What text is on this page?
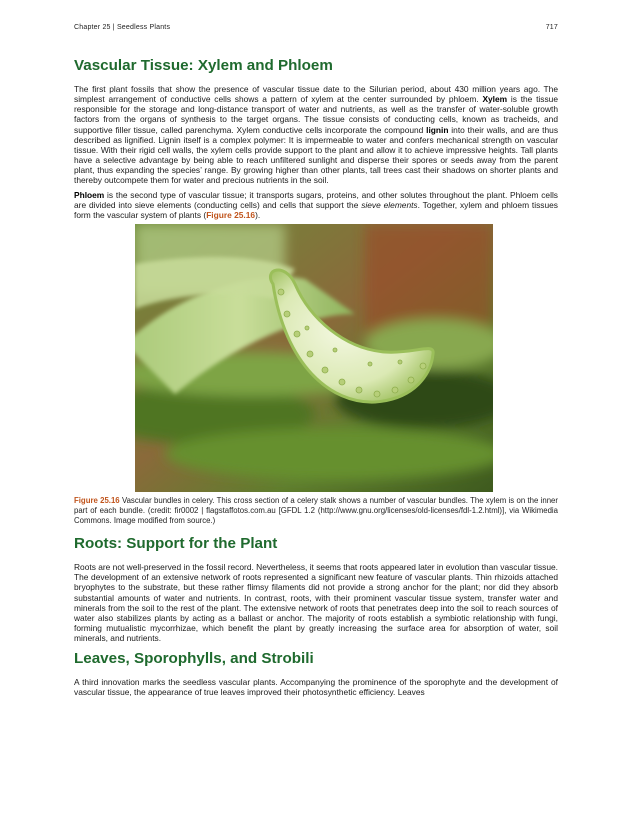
Chapter 25 | Seedless Plants	717
Vascular Tissue: Xylem and Phloem

The first plant fossils that show the presence of vascular tissue date to the Silurian period, about 430 million years ago. The simplest arrangement of conductive cells shows a pattern of xylem at the center surrounded by phloem. Xylem is the tissue responsible for the storage and long-distance transport of water and nutrients, as well as the transfer of water-soluble growth factors from the organs of synthesis to the target organs. The tissue consists of conducting cells, known as tracheids, and supportive filler tissue, called parenchyma. Xylem conductive cells incorporate the compound lignin into their walls, and are thus described as lignified. Lignin itself is a complex polymer: It is impermeable to water and confers mechanical strength on vascular tissue. With their rigid cell walls, the xylem cells provide support to the plant and allow it to achieve impressive heights. Tall plants have a selective advantage by being able to reach unfiltered sunlight and disperse their spores or seeds away from the parent plant, thus expanding the species’ range. By growing higher than other plants, tall trees cast their shadows on shorter plants and thereby outcompete them for water and precious nutrients in the soil.

Phloem is the second type of vascular tissue; it transports sugars, proteins, and other solutes throughout the plant. Phloem cells are divided into sieve elements (conducting cells) and cells that support the sieve elements. Together, xylem and phloem tissues form the vascular system of plants (Figure 25.16).

Figure 25.16 Vascular bundles in celery. This cross section of a celery stalk shows a number of vascular bundles. The xylem is on the inner part of each bundle. (credit: fir0002 | flagstaffotos.com.au [GFDL 1.2 (http://www.gnu.org/licenses/old-licenses/fdl-1.2.html)], via Wikimedia Commons. Image modified from source.)

Roots: Support for the Plant

Roots are not well-preserved in the fossil record. Nevertheless, it seems that roots appeared later in evolution than vascular tissue. The development of an extensive network of roots represented a significant new feature of vascular plants. Thin rhizoids attached bryophytes to the substrate, but these rather flimsy filaments did not provide a strong anchor for the plant; nor did they absorb substantial amounts of water and nutrients. In contrast, roots, with their prominent vascular tissue system, transfer water and minerals from the soil to the rest of the plant. The extensive network of roots that penetrates deep into the soil to reach sources of water also stabilizes plants by acting as a ballast or anchor. The majority of roots establish a symbiotic relationship with fungi, forming mutualistic mycorrhizae, which benefit the plant by greatly increasing the surface area for absorption of water, soil minerals, and nutrients.

Leaves, Sporophylls, and Strobili

A third innovation marks the seedless vascular plants. Accompanying the prominence of the sporophyte and the development of vascular tissue, the appearance of true leaves improved their photosynthetic efficiency. Leaves
